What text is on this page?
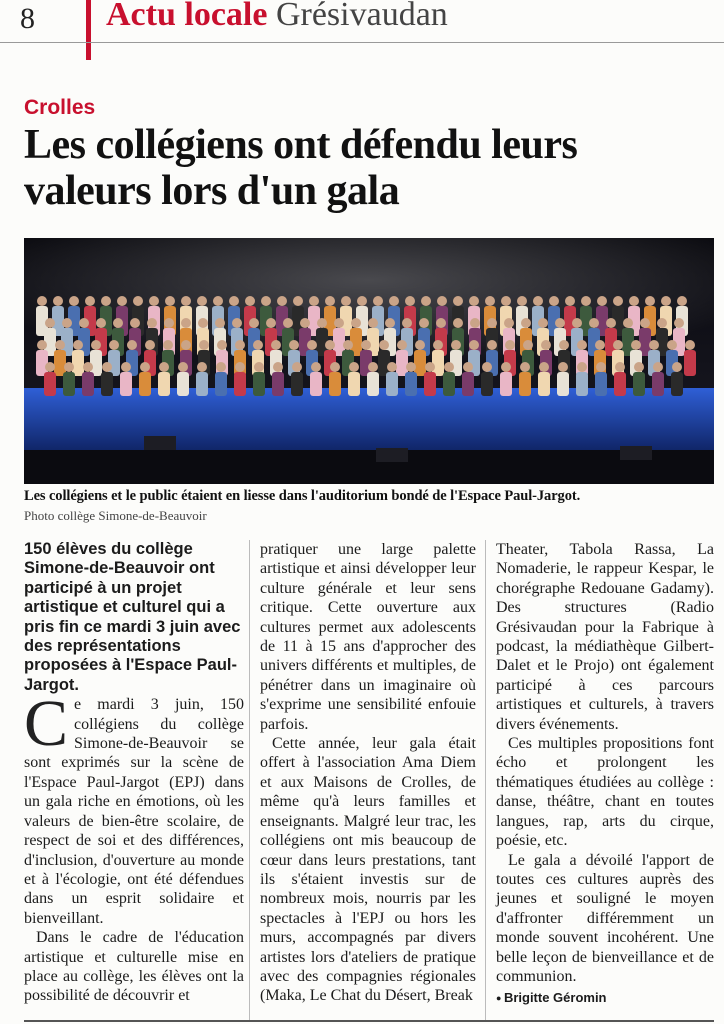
8 Actu locale Grésivaudan
Crolles
Les collégiens ont défendu leurs valeurs lors d'un gala
Les collégiens et le public étaient en liesse dans l'auditorium bondé de l'Espace Paul-Jargot.
Photo collège Simone-de-Beauvoir

150 élèves du collège Simone-de-Beauvoir ont participé à un projet artistique et culturel qui a pris fin ce mardi 3 juin avec des représentations proposées à l'Espace Paul-Jargot.

Ce mardi 3 juin, 150 collégiens du collège Simone-de-Beauvoir se sont exprimés sur la scène de l'Espace Paul-Jargot (EPJ) dans un gala riche en émotions, où les valeurs de bien-être scolaire, de respect de soi et des différences, d'inclusion, d'ouverture au monde et à l'écologie, ont été défendues dans un esprit solidaire et bienveillant.

Dans le cadre de l'éducation artistique et culturelle mise en place au collège, les élèves ont la possibilité de découvrir et

pratiquer une large palette artistique et ainsi développer leur culture générale et leur sens critique. Cette ouverture aux cultures permet aux adolescents de 11 à 15 ans d'approcher des univers différents et multiples, de pénétrer dans un imaginaire où s'exprime une sensibilité enfouie parfois.

Cette année, leur gala était offert à l'association Ama Diem et aux Maisons de Crolles, de même qu'à leurs familles et enseignants. Malgré leur trac, les collégiens ont mis beaucoup de cœur dans leurs prestations, tant ils s'étaient investis sur de nombreux mois, nourris par les spectacles à l'EPJ ou hors les murs, accompagnés par divers artistes lors d'ateliers de pratique avec des compagnies régionales (Maka, Le Chat du Désert, Break

Theater, Tabola Rassa, La Nomaderie, le rappeur Kespar, le chorégraphe Redouane Gadamy). Des structures (Radio Grésivaudan pour la Fabrique à podcast, la médiathèque Gilbert-Dalet et le Projo) ont également participé à ces parcours artistiques et culturels, à travers divers événements.

Ces multiples propositions font écho et prolongent les thématiques étudiées au collège : danse, théâtre, chant en toutes langues, rap, arts du cirque, poésie, etc.

Le gala a dévoilé l'apport de toutes ces cultures auprès des jeunes et souligné le moyen d'affronter différemment un monde souvent incohérent. Une belle leçon de bienveillance et de communion.

● Brigitte Géromin
